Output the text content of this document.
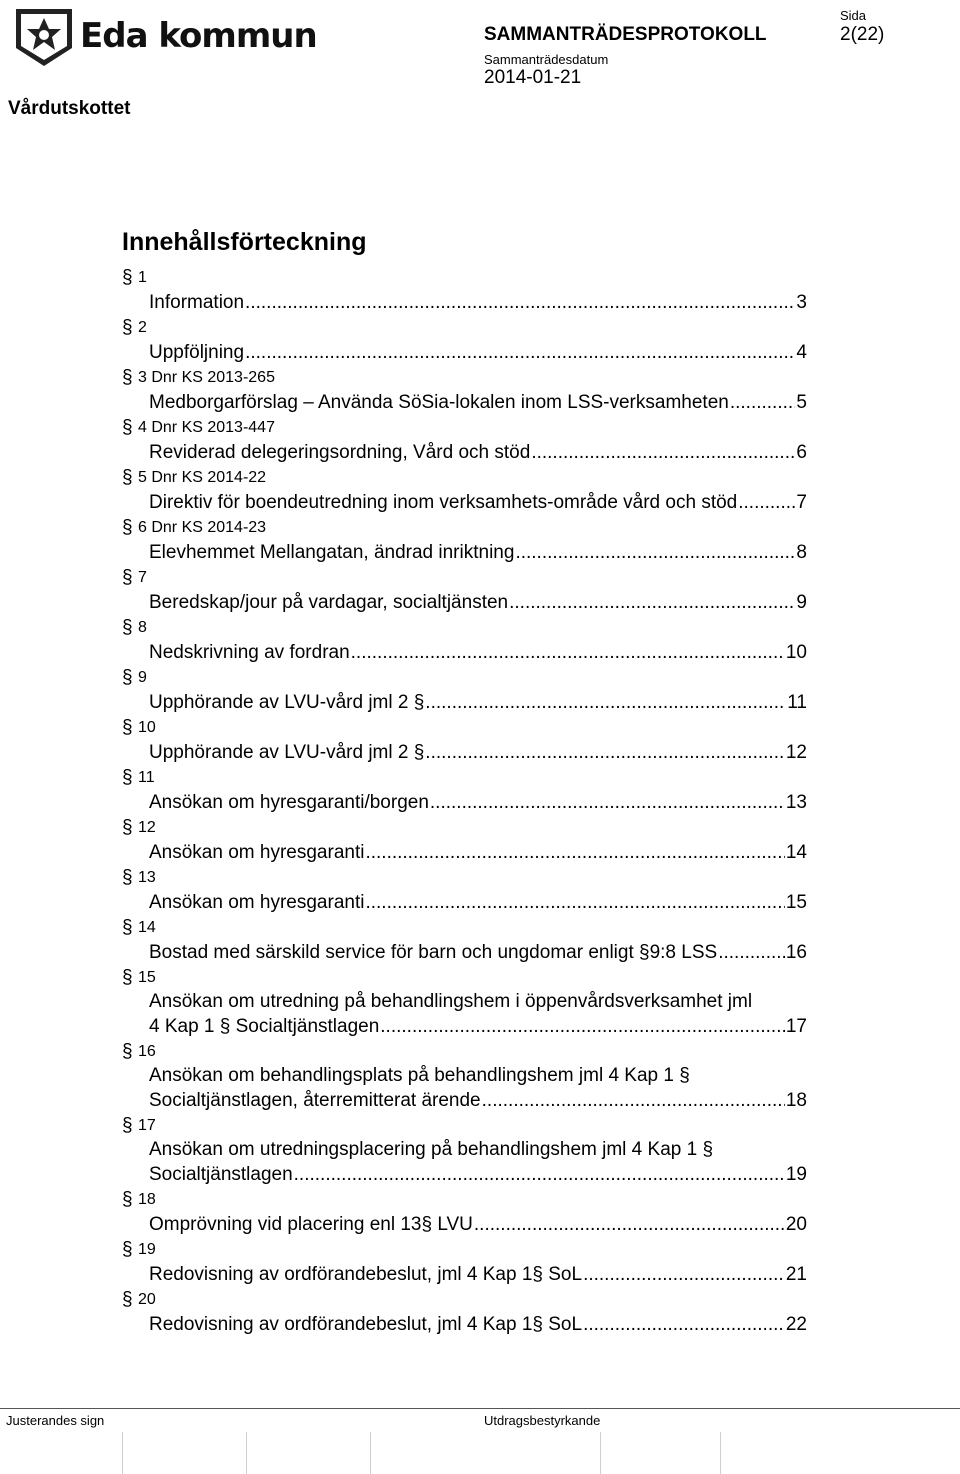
Eda kommun	SAMMANTRÄDESPROTOKOLL
Sammanträdesdatum
2014-01-21
Sida
2(22)
Vårdutskottet
Innehållsförteckning
§ 1
Information .....	3
§ 2
Uppföljning .....	4
§ 3 Dnr KS 2013-265
Medborgarförslag – Använda SöSia-lokalen inom LSS-verksamheten .....	5
§ 4 Dnr KS 2013-447
Reviderad delegeringsordning, Vård och stöd .....	6
§ 5 Dnr KS 2014-22
Direktiv för boendeutredning inom verksamhets-område vård och stöd .....	7
§ 6 Dnr KS 2014-23
Elevhemmet Mellangatan, ändrad inriktning .....	8
§ 7
Beredskap/jour på vardagar, socialtjänsten .....	9
§ 8
Nedskrivning av fordran .....	10
§ 9
Upphörande av LVU-vård jml 2 § .....	11
§ 10
Upphörande av LVU-vård jml 2 § .....	12
§ 11
Ansökan om hyresgaranti/borgen .....	13
§ 12
Ansökan om hyresgaranti .....	14
§ 13
Ansökan om hyresgaranti .....	15
§ 14
Bostad med särskild service för barn och ungdomar enligt §9:8 LSS .....	16
§ 15
Ansökan om utredning på behandlingshem i öppenvårdsverksamhet jml
4 Kap 1 § Socialtjänstlagen .....	17
§ 16
Ansökan om behandlingsplats på behandlingshem jml 4 Kap 1 §
Socialtjänstlagen, återremitterat ärende .....	18
§ 17
Ansökan om utredningsplacering på behandlingshem jml 4 Kap 1 §
Socialtjänstlagen .....	19
§ 18
Omprövning vid placering enl 13§ LVU .....	20
§ 19
Redovisning av ordförandebeslut, jml 4 Kap 1§ SoL .....	21
§ 20
Redovisning av ordförandebeslut, jml 4 Kap 1§ SoL .....	22
Justerandes sign	Utdragsbestyrkande
